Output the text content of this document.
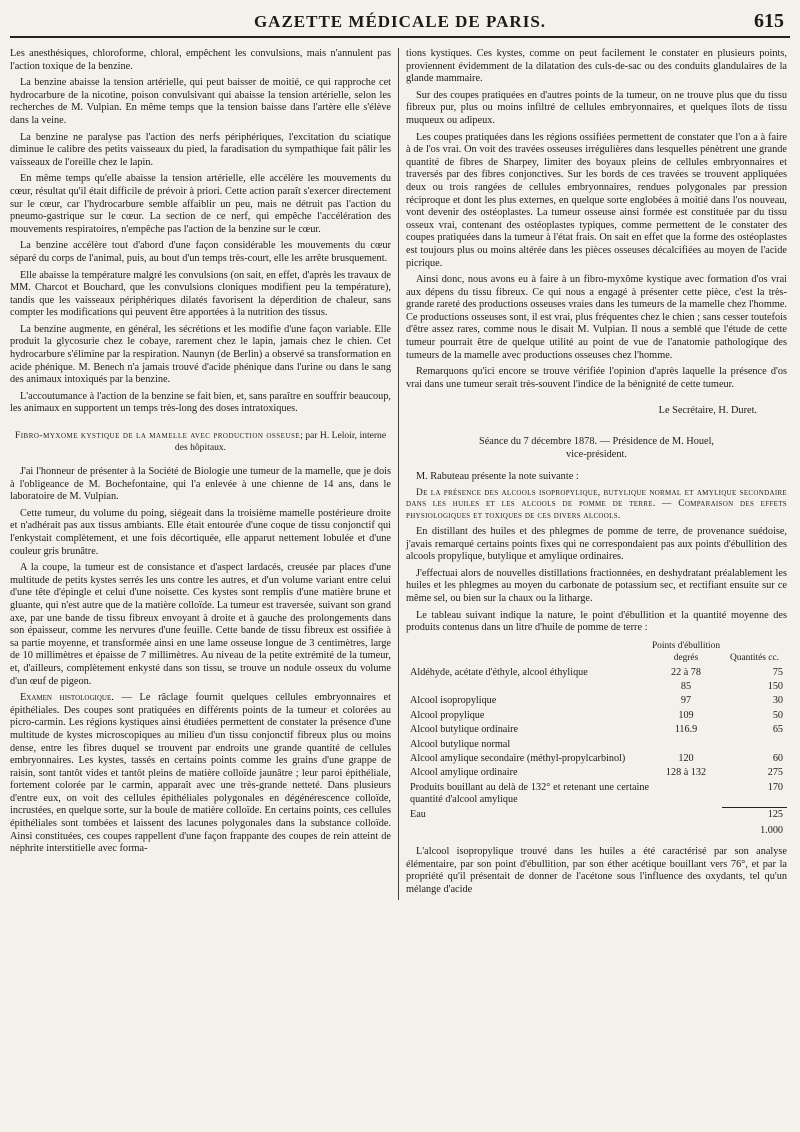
GAZETTE MÉDICALE DE PARIS.	615

Les anesthésiques, chloroforme, chloral, empêchent les convulsions, mais n'annulent pas l'action toxique de la benzine.

La benzine abaisse la tension artérielle, qui peut baisser de moitié, ce qui rapproche cet hydrocarbure de la nicotine, poison convulsivant qui abaisse la tension artérielle, selon les recherches de M. Vulpian. En même temps que la tension baisse dans l'artère elle s'élève dans la veine.

La benzine ne paralyse pas l'action des nerfs périphériques, l'excitation du sciatique diminue le calibre des petits vaisseaux du pied, la faradisation du sympathique fait pâlir les vaisseaux de l'oreille chez le lapin.

En même temps qu'elle abaisse la tension artérielle, elle accélère les mouvements du cœur, résultat qu'il était difficile de prévoir à priori. Cette action paraît s'exercer directement sur le cœur, car l'hydrocarbure semble affaiblir un peu, mais ne détruit pas l'action du pneumo-gastrique sur le cœur. La section de ce nerf, qui empêche l'accélération des mouvements respiratoires, n'empêche pas l'action de la benzine sur le cœur.

La benzine accélère tout d'abord d'une façon considérable les mouvements du cœur séparé du corps de l'animal, puis, au bout d'un temps très-court, elle les arrête brusquement.

Elle abaisse la température malgré les convulsions (on sait, en effet, d'après les travaux de MM. Charcot et Bouchard, que les convulsions cloniques modifient peu la température), tandis que les vaisseaux périphériques dilatés favorisent la déperdition de chaleur, sans compter les modifications qui peuvent être apportées à la nutrition des tissus.

La benzine augmente, en général, les sécrétions et les modifie d'une façon variable. Elle produit la glycosurie chez le cobaye, rarement chez le lapin, jamais chez le chien. Cet hydrocarbure s'élimine par la respiration. Naunyn (de Berlin) a observé sa transformation en acide phénique. M. Benech n'a jamais trouvé d'acide phénique dans l'urine ou dans le sang des animaux intoxiqués par la benzine.

L'accoutumance à l'action de la benzine se fait bien, et, sans paraître en souffrir beaucoup, les animaux en supportent un temps très-long des doses intratoxiques.

Fibro-myxome kystique de la mamelle avec production osseuse; par H. Leloir, interne des hôpitaux.

J'ai l'honneur de présenter à la Société de Biologie une tumeur de la mamelle, que je dois à l'obligeance de M. Bochefontaine, qui l'a enlevée à une chienne de 14 ans, dans le laboratoire de M. Vulpian.

Cette tumeur, du volume du poing, siégeait dans la troisième mamelle postérieure droite et n'adhérait pas aux tissus ambiants. Elle était entourée d'une coque de tissu conjonctif qui l'enkystait complètement, et une fois décortiquée, elle apparut nettement lobulée et d'une couleur gris brunâtre.

A la coupe, la tumeur est de consistance et d'aspect lardacés, creusée par places d'une multitude de petits kystes serrés les uns contre les autres, et d'un volume variant entre celui d'une tête d'épingle et celui d'une noisette. Ces kystes sont remplis d'une matière brune et gluante, qui n'est autre que de la matière colloïde. La tumeur est traversée, suivant son grand axe, par une bande de tissu fibreux envoyant à droite et à gauche des prolongements dans son épaisseur, comme les nervures d'une feuille. Cette bande de tissu fibreux est ossifiée à sa partie moyenne, et transformée ainsi en une lame osseuse longue de 3 centimètres, large de 10 millimètres et épaisse de 7 millimètres. Au niveau de la petite extrémité de la tumeur, et, d'ailleurs, complètement enkysté dans son tissu, se trouve un nodule osseux du volume d'un œuf de pigeon.

Examen histologique. — Le râclage fournit quelques cellules embryonnaires et épithéliales. Des coupes sont pratiquées en différents points de la tumeur et colorées au picro-carmin. Les régions kystiques ainsi étudiées permettent de constater la présence d'une multitude de kystes microscopiques au milieu d'un tissu conjonctif fibreux plus ou moins dense, entre les fibres duquel se trouvent par endroits une grande quantité de cellules embryonnaires. Les kystes, tassés en certains points comme les grains d'une grappe de raisin, sont tantôt vides et tantôt pleins de matière colloïde jaunâtre ; leur paroi épithéliale, fortement colorée par le carmin, apparaît avec une très-grande netteté. Dans plusieurs d'entre eux, on voit des cellules épithéliales polygonales en dégénérescence colloïde, incrustées, en quelque sorte, sur la boule de matière colloïde. En certains points, ces cellules épithéliales sont tombées et laissent des lacunes polygonales dans la substance colloïde. Ainsi constituées, ces coupes rappellent d'une façon frappante des coupes de rein atteint de néphrite interstitielle avec forma-

tions kystiques. Ces kystes, comme on peut facilement le constater en plusieurs points, proviennent évidemment de la dilatation des culs-de-sac ou des conduits glandulaires de la glande mammaire.

Sur des coupes pratiquées en d'autres points de la tumeur, on ne trouve plus que du tissu fibreux pur, plus ou moins infiltré de cellules embryonnaires, et quelques îlots de tissu muqueux ou adipeux.

Les coupes pratiquées dans les régions ossifiées permettent de constater que l'on a à faire à de l'os vrai. On voit des travées osseuses irrégulières dans lesquelles pénètrent une grande quantité de fibres de Sharpey, limiter des boyaux pleins de cellules embryonnaires et traversés par des fibres conjonctives. Sur les bords de ces travées se trouvent appliquées deux ou trois rangées de cellules embryonnaires, rendues polygonales par pression réciproque et dont les plus externes, en quelque sorte englobées à moitié dans l'os nouveau, vont devenir des ostéoplastes. La tumeur osseuse ainsi formée est constituée par du tissu osseux vrai, contenant des ostéoplastes typiques, comme permettent de le constater des coupes pratiquées dans la tumeur à l'état frais. On sait en effet que la forme des ostéoplastes est toujours plus ou moins altérée dans les pièces osseuses décalcifiées au moyen de l'acide picrique.

Ainsi donc, nous avons eu à faire à un fibro-myxôme kystique avec formation d'os vrai aux dépens du tissu fibreux. Ce qui nous a engagé à présenter cette pièce, c'est la très-grande rareté des productions osseuses vraies dans les tumeurs de la mamelle chez l'homme. Ce productions osseuses sont, il est vrai, plus fréquentes chez le chien ; sans cesser toutefois d'être assez rares, comme nous le disait M. Vulpian. Il nous a semblé que l'étude de cette tumeur pourrait être de quelque utilité au point de vue de l'anatomie pathologique des tumeurs de la mamelle avec productions osseuses chez l'homme.

Remarquons qu'ici encore se trouve vérifiée l'opinion d'après laquelle la présence d'os vrai dans une tumeur serait très-souvent l'indice de la bénignité de cette tumeur.

Le Secrétaire, H. Duret.
Séance du 7 décembre 1878. — Présidence de M. Houel,
vice-président.

M. Rabuteau présente la note suivante :

De la présence des alcools isopropylique, butylique normal et amylique secondaire dans les huiles et les alcools de pomme de terre. — Comparaison des effets physiologiques et toxiques de ces divers alcools.

En distillant des huiles et des phlegmes de pomme de terre, de provenance suédoise, j'avais remarqué certains points fixes qui ne correspondaient pas aux points d'ébullition des alcools propylique, butylique et amylique ordinaires.

J'effectuai alors de nouvelles distillations fractionnées, en deshydratant préalablement les huiles et les phlegmes au moyen du carbonate de potassium sec, et rectifiant ensuite sur ce même sel, ou bien sur la chaux ou la litharge.

Le tableau suivant indique la nature, le point d'ébullition et la quantité moyenne des produits contenus dans un litre d'huile de pomme de terre :

	Points d'ébullition degrés	Quantités cc.
Aldéhyde, acétate d'éthyle, alcool éthylique	22 à 78	75
	85	150
Alcool isopropylique	97	30
Alcool propylique	109	50
Alcool butylique ordinaire	116.9	65
Alcool butylique normal		
Alcool amylique secondaire (méthyl-propylcarbinol)	120	60
Alcool amylique ordinaire	128 à 132	275
Produits bouillant au delà de 132° et retenant une certaine quantité d'alcool amylique		170
Eau		125
		1.000

L'alcool isopropylique trouvé dans les huiles a été caractérisé par son analyse élémentaire, par son point d'ébullition, par son éther acétique bouillant vers 76°, et par la propriété qu'il présentait de donner de l'acétone sous l'influence des oxydants, tel qu'un mélange d'acide
